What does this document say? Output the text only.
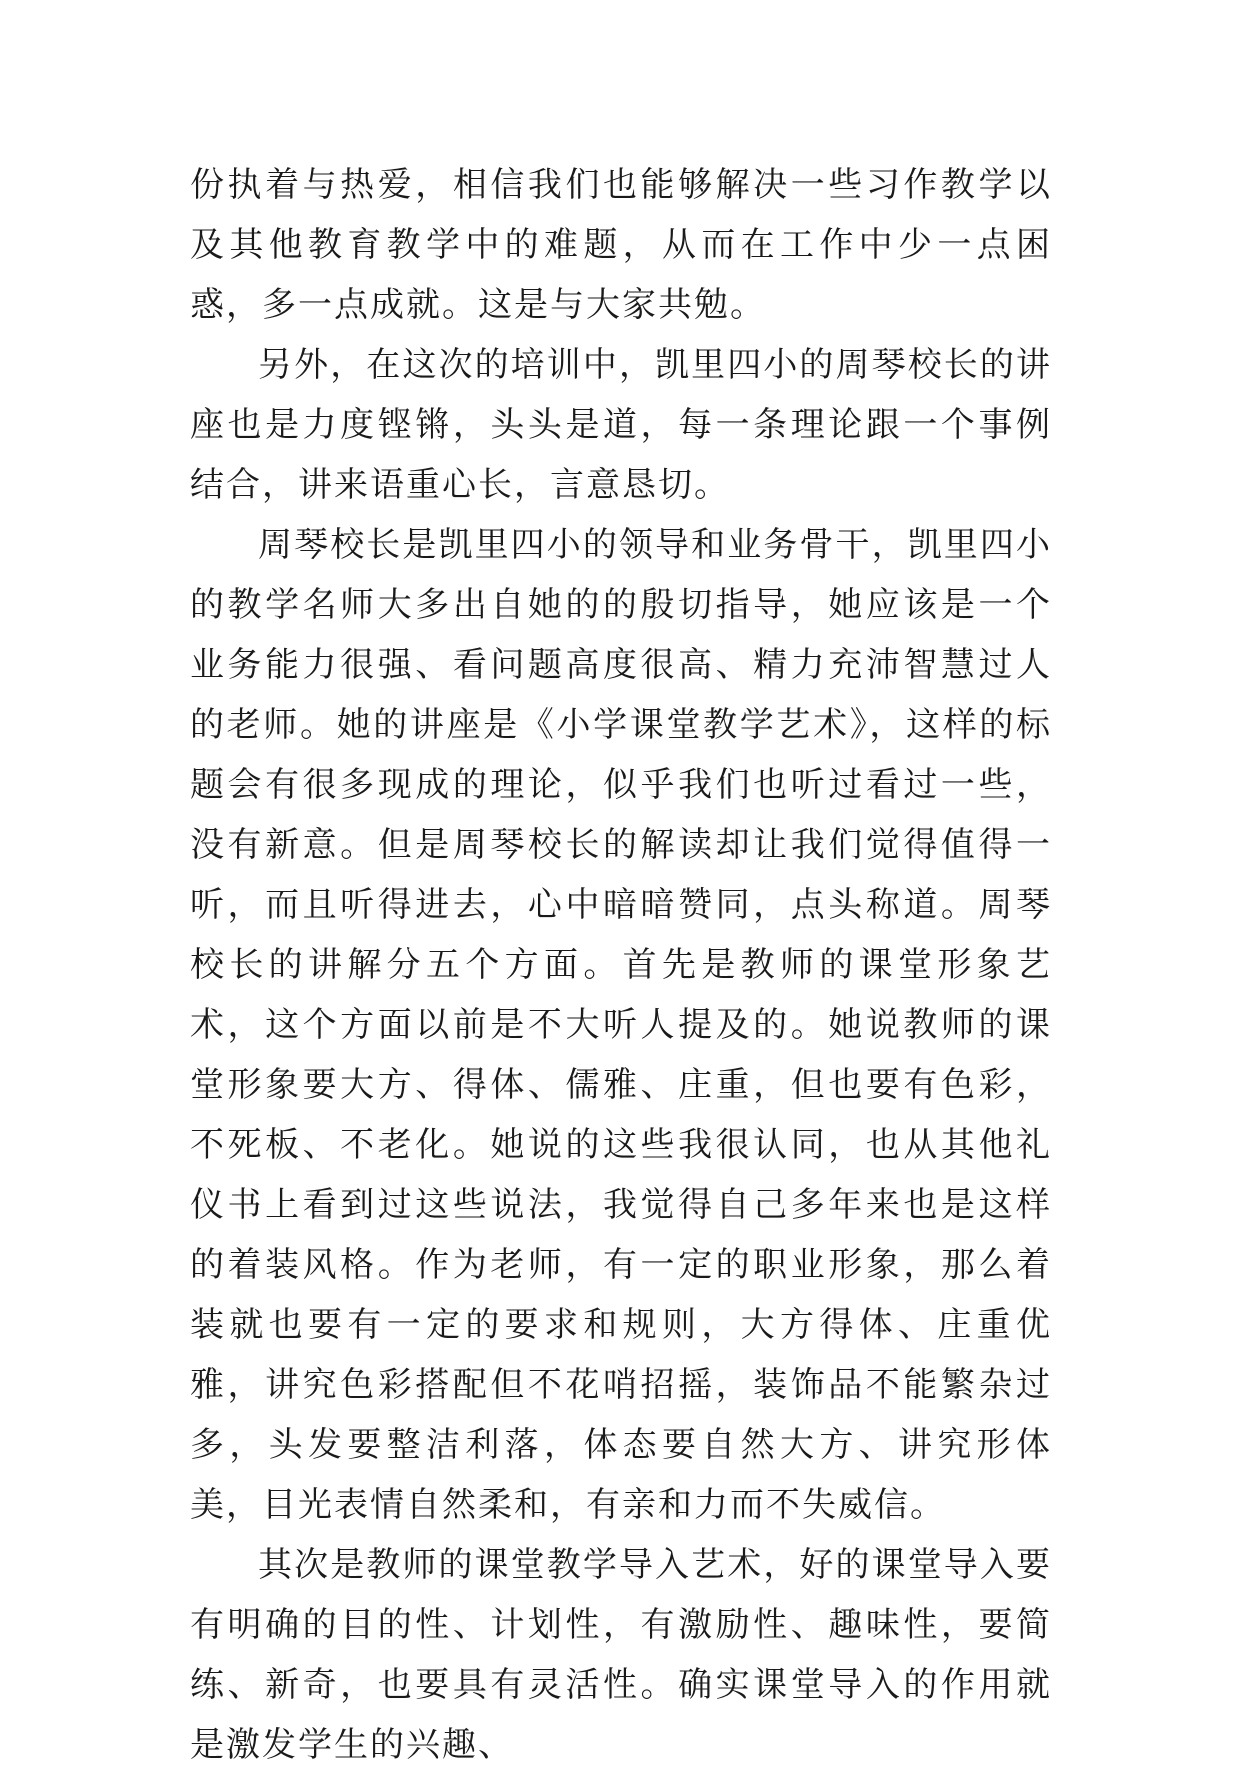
份执着与热爱，相信我们也能够解决一些习作教学以及其他教育教学中的难题，从而在工作中少一点困惑，多一点成就。这是与大家共勉。

另外，在这次的培训中，凯里四小的周琴校长的讲座也是力度铿锵，头头是道，每一条理论跟一个事例结合，讲来语重心长，言意恳切。

周琴校长是凯里四小的领导和业务骨干，凯里四小的教学名师大多出自她的的殷切指导，她应该是一个业务能力很强、看问题高度很高、精力充沛智慧过人的老师。她的讲座是《小学课堂教学艺术》，这样的标题会有很多现成的理论，似乎我们也听过看过一些，没有新意。但是周琴校长的解读却让我们觉得值得一听，而且听得进去，心中暗暗赞同，点头称道。周琴校长的讲解分五个方面。首先是教师的课堂形象艺术，这个方面以前是不大听人提及的。她说教师的课堂形象要大方、得体、儒雅、庄重，但也要有色彩，不死板、不老化。她说的这些我很认同，也从其他礼仪书上看到过这些说法，我觉得自己多年来也是这样的着装风格。作为老师，有一定的职业形象，那么着装就也要有一定的要求和规则，大方得体、庄重优雅，讲究色彩搭配但不花哨招摇，装饰品不能繁杂过多，头发要整洁利落，体态要自然大方、讲究形体美，目光表情自然柔和，有亲和力而不失威信。

其次是教师的课堂教学导入艺术，好的课堂导入要有明确的目的性、计划性，有激励性、趣味性，要简练、新奇，也要具有灵活性。确实课堂导入的作用就是激发学生的兴趣、
